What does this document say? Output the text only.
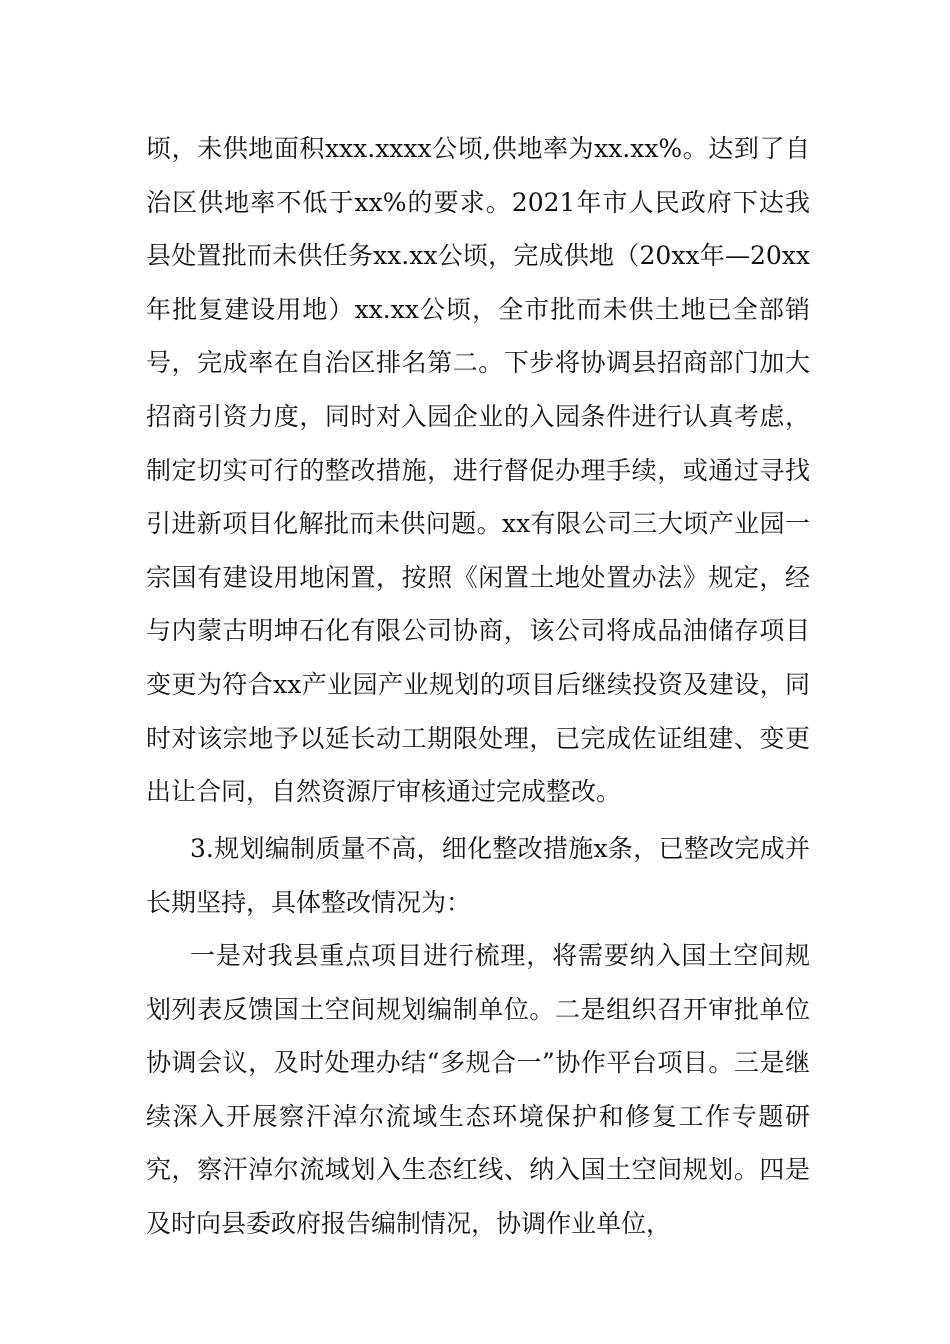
顷，未供地面积xxx.xxxx公顷,供地率为xx.xx%。达到了自治区供地率不低于xx%的要求。2021年市人民政府下达我县处置批而未供任务xx.xx公顷，完成供地（20xx年—20xx年批复建设用地）xx.xx公顷，全市批而未供土地已全部销号，完成率在自治区排名第二。下步将协调县招商部门加大招商引资力度，同时对入园企业的入园条件进行认真考虑，制定切实可行的整改措施，进行督促办理手续，或通过寻找引进新项目化解批而未供问题。xx有限公司三大顷产业园一宗国有建设用地闲置，按照《闲置土地处置办法》规定，经与内蒙古明坤石化有限公司协商，该公司将成品油储存项目变更为符合xx产业园产业规划的项目后继续投资及建设，同时对该宗地予以延长动工期限处理，已完成佐证组建、变更出让合同，自然资源厅审核通过完成整改。

3.规划编制质量不高，细化整改措施x条，已整改完成并长期坚持，具体整改情况为：

一是对我县重点项目进行梳理，将需要纳入国土空间规划列表反馈国土空间规划编制单位。二是组织召开审批单位协调会议，及时处理办结“多规合一”协作平台项目。三是继续深入开展察汗淖尔流域生态环境保护和修复工作专题研究，察汗淖尔流域划入生态红线、纳入国土空间规划。四是及时向县委政府报告编制情况，协调作业单位，
